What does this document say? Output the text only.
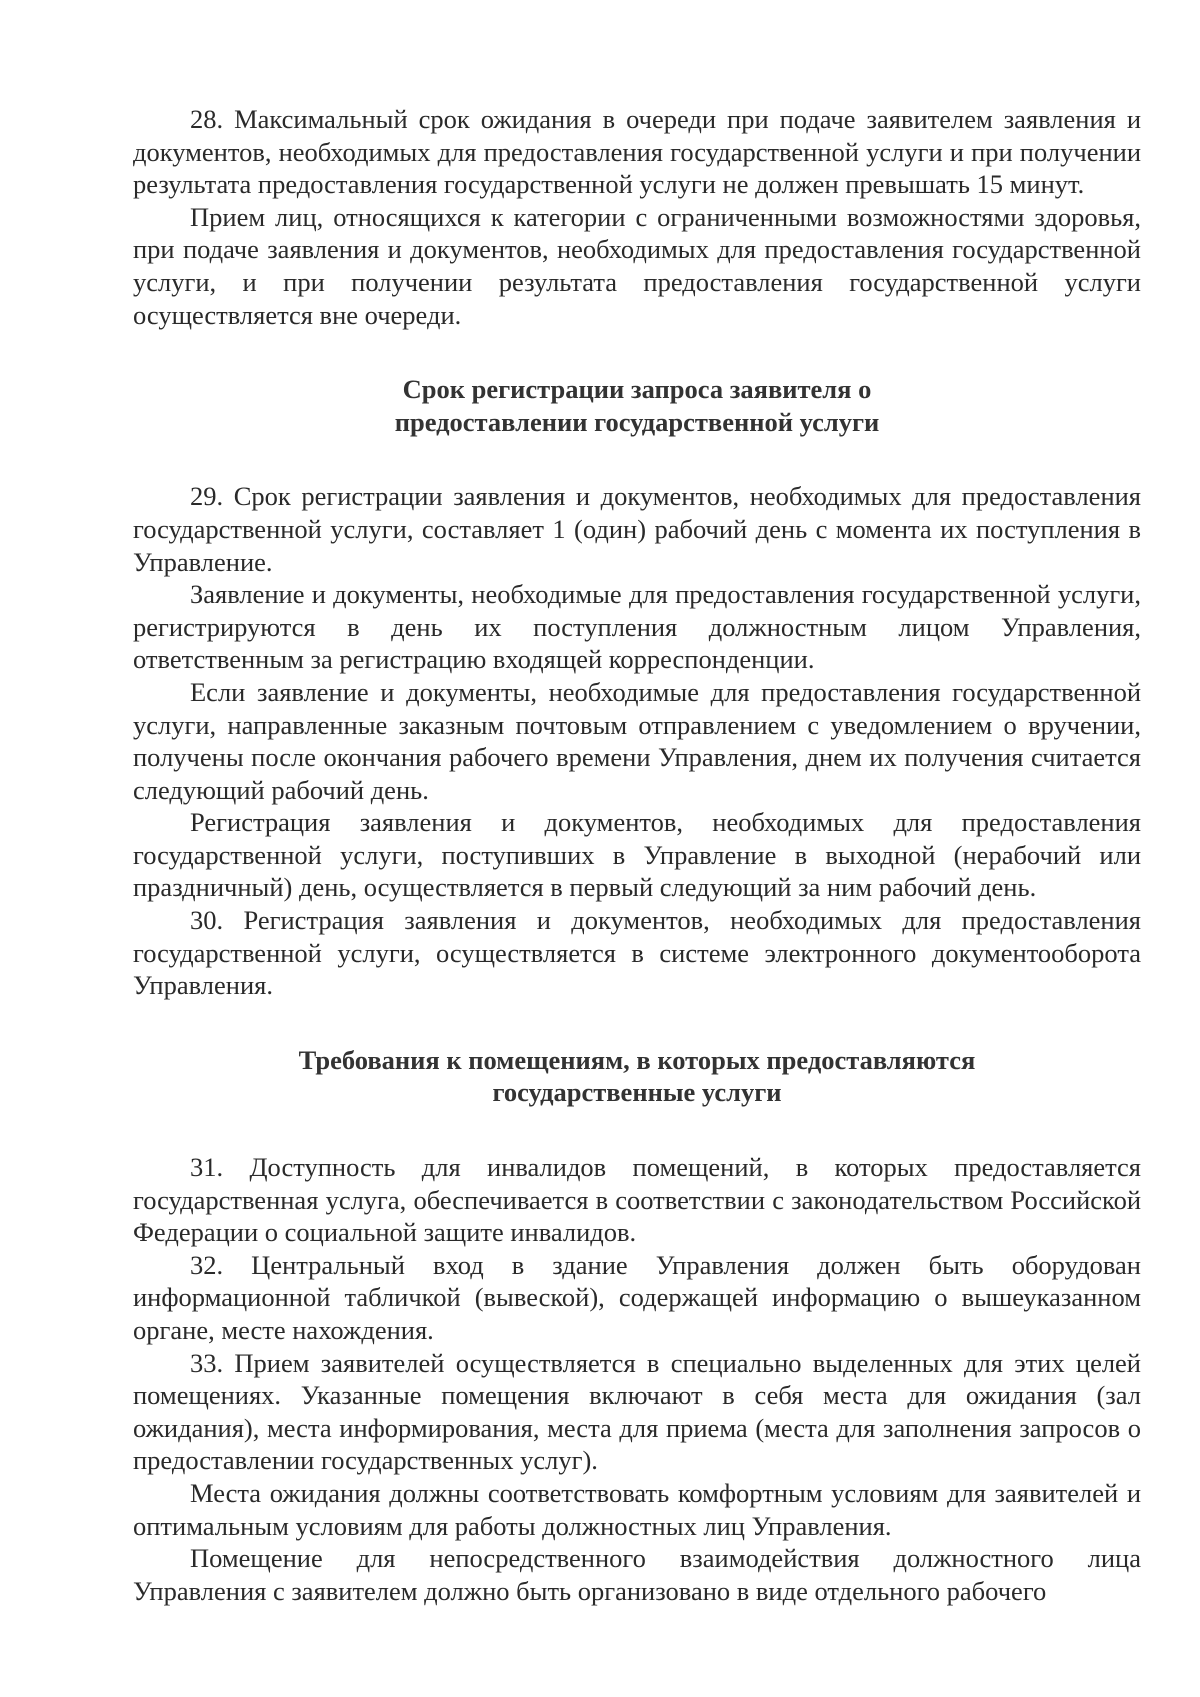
28. Максимальный срок ожидания в очереди при подаче заявителем заявления и документов, необходимых для предоставления государственной услуги и при получении результата предоставления государственной услуги не должен превышать 15 минут.

Прием лиц, относящихся к категории с ограниченными возможностями здоровья, при подаче заявления и документов, необходимых для предоставления государственной услуги, и при получении результата предоставления государственной услуги осуществляется вне очереди.

Срок регистрации запроса заявителя о
предоставлении государственной услуги

29. Срок регистрации заявления и документов, необходимых для предоставления государственной услуги, составляет 1 (один) рабочий день с момента их поступления в Управление.

Заявление и документы, необходимые для предоставления государственной услуги, регистрируются в день их поступления должностным лицом Управления, ответственным за регистрацию входящей корреспонденции.

Если заявление и документы, необходимые для предоставления государственной услуги, направленные заказным почтовым отправлением с уведомлением о вручении, получены после окончания рабочего времени Управления, днем их получения считается следующий рабочий день.

Регистрация заявления и документов, необходимых для предоставления государственной услуги, поступивших в Управление в выходной (нерабочий или праздничный) день, осуществляется в первый следующий за ним рабочий день.

30. Регистрация заявления и документов, необходимых для предоставления государственной услуги, осуществляется в системе электронного документооборота Управления.

Требования к помещениям, в которых предоставляются
государственные услуги

31. Доступность для инвалидов помещений, в которых предоставляется государственная услуга, обеспечивается в соответствии с законодательством Российской Федерации о социальной защите инвалидов.

32. Центральный вход в здание Управления должен быть оборудован информационной табличкой (вывеской), содержащей информацию о вышеуказанном органе, месте нахождения.

33. Прием заявителей осуществляется в специально выделенных для этих целей помещениях. Указанные помещения включают в себя места для ожидания (зал ожидания), места информирования, места для приема (места для заполнения запросов о предоставлении государственных услуг).

Места ожидания должны соответствовать комфортным условиям для заявителей и оптимальным условиям для работы должностных лиц Управления.

Помещение для непосредственного взаимодействия должностного лица Управления с заявителем должно быть организовано в виде отдельного рабочего
